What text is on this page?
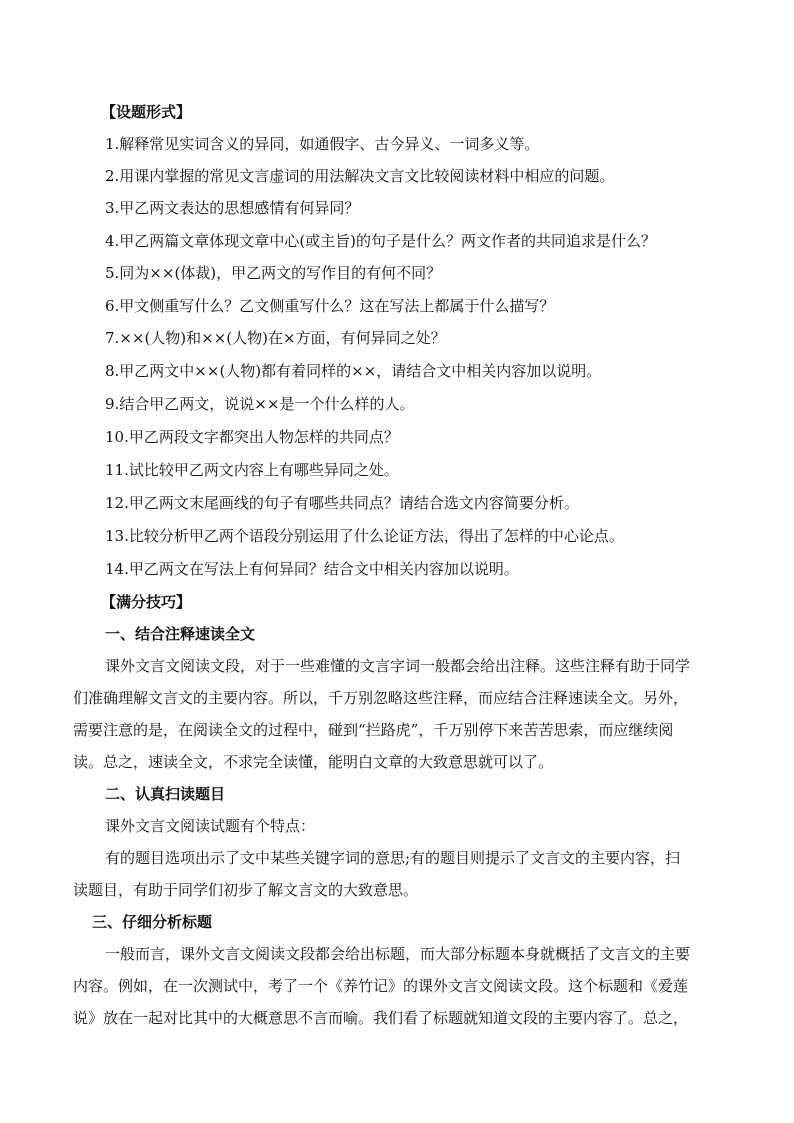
【设题形式】
1.解释常见实词含义的异同，如通假字、古今异义、一词多义等。
2.用课内掌握的常见文言虚词的用法解决文言文比较阅读材料中相应的问题。
3.甲乙两文表达的思想感情有何异同？
4.甲乙两篇文章体现文章中心(或主旨)的句子是什么？两文作者的共同追求是什么？
5.同为××(体裁)，甲乙两文的写作目的有何不同？
6.甲文侧重写什么？乙文侧重写什么？这在写法上都属于什么描写？
7.××(人物)和××(人物)在×方面，有何异同之处？
8.甲乙两文中××(人物)都有着同样的××，请结合文中相关内容加以说明。
9.结合甲乙两文，说说××是一个什么样的人。
10.甲乙两段文字都突出人物怎样的共同点？
11.试比较甲乙两文内容上有哪些异同之处。
12.甲乙两文末尾画线的句子有哪些共同点？请结合选文内容简要分析。
13.比较分析甲乙两个语段分别运用了什么论证方法，得出了怎样的中心论点。
14.甲乙两文在写法上有何异同？结合文中相关内容加以说明。
【满分技巧】
一、结合注释速读全文
课外文言文阅读文段，对于一些难懂的文言字词一般都会给出注释。这些注释有助于同学
们准确理解文言文的主要内容。所以，千万别忽略这些注释，而应结合注释速读全文。另外，
需要注意的是，在阅读全文的过程中，碰到“拦路虎”，千万别停下来苦苦思索，而应继续阅
读。总之，速读全文，不求完全读懂，能明白文章的大致意思就可以了。
二、认真扫读题目
课外文言文阅读试题有个特点：
有的题目选项出示了文中某些关键字词的意思;有的题目则提示了文言文的主要内容，扫
读题目，有助于同学们初步了解文言文的大致意思。
三、仔细分析标题
一般而言，课外文言文阅读文段都会给出标题，而大部分标题本身就概括了文言文的主要
内容。例如，在一次测试中，考了一个《养竹记》的课外文言文阅读文段。这个标题和《爱莲
说》放在一起对比其中的大概意思不言而喻。我们看了标题就知道文段的主要内容了。总之，
